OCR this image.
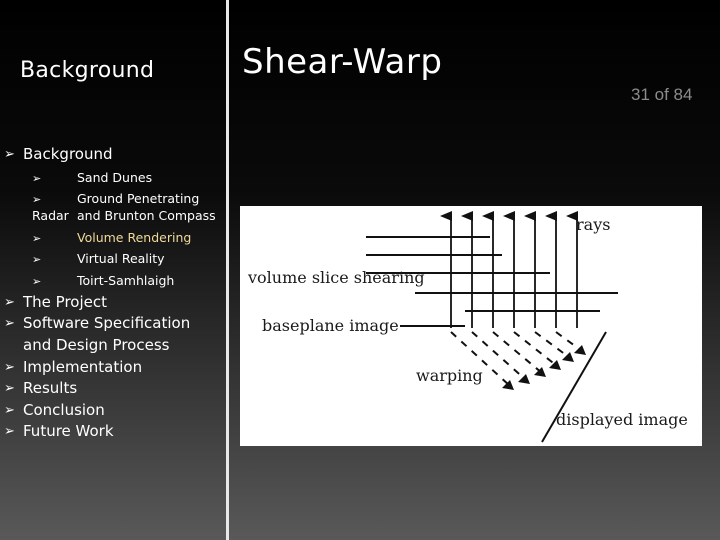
Background
➢ Background
➢	Sand Dunes
➢	Ground Penetrating
Radar and Brunton Compass
➢	Volume Rendering
➢	Virtual Reality
➢	Toirt-Samhlaigh
➢ The Project
➢ Software Specification
and Design Process
➢ Implementation
➢ Results
➢ Conclusion
➢ Future Work
Shear-Warp
31 of 84
rays
volume slice shearing
baseplane image
warping
displayed image
